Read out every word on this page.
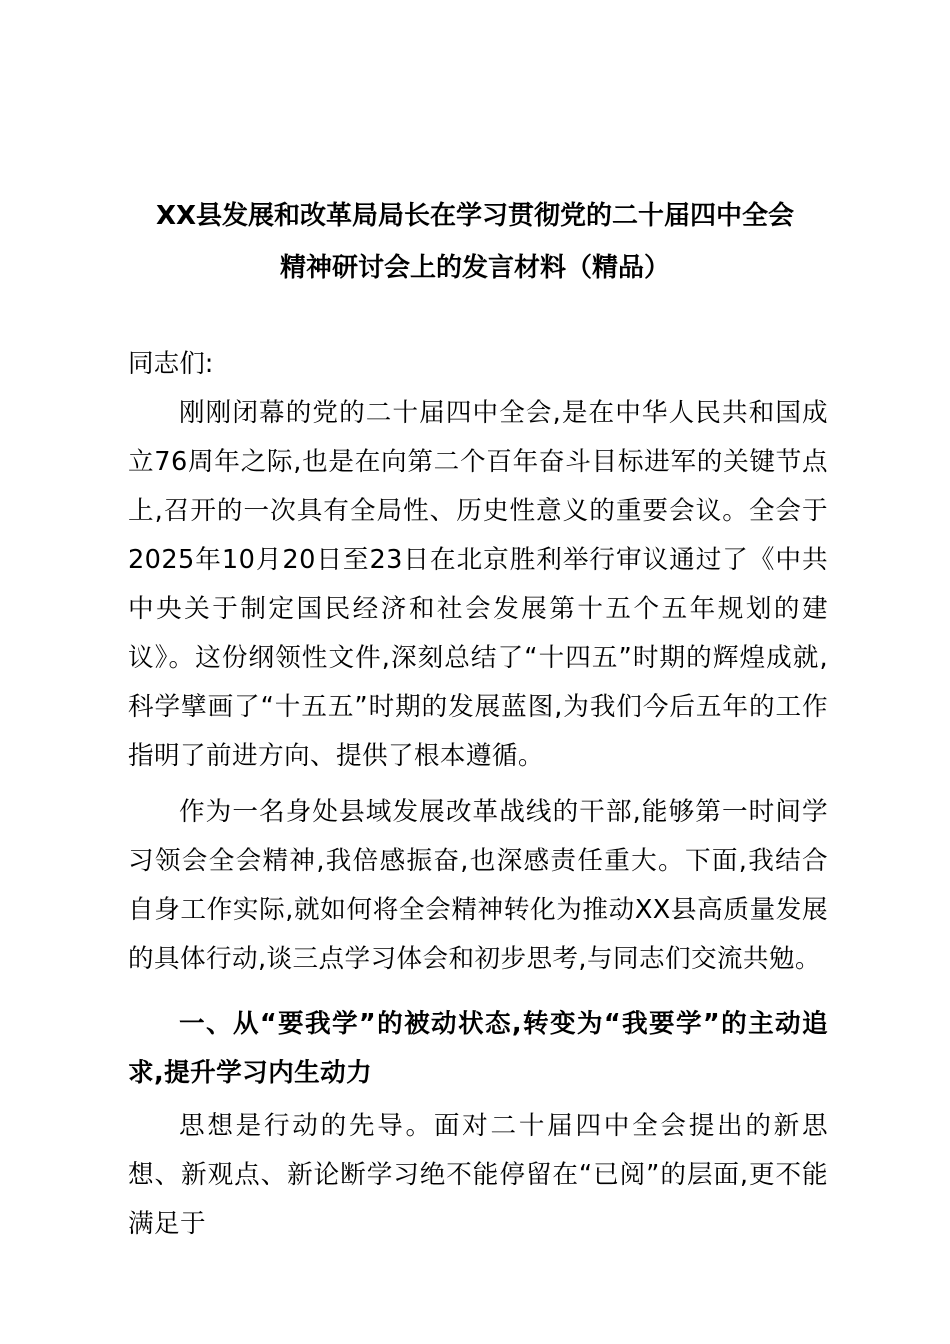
XX县发展和改革局局长在学习贯彻党的二十届四中全会
精神研讨会上的发言材料（精品）
同志们:
刚刚闭幕的党的二十届四中全会,是在中华人民共和国成立76周年之际,也是在向第二个百年奋斗目标进军的关键节点上,召开的一次具有全局性、历史性意义的重要会议。全会于2025年10月20日至23日在北京胜利举行审议通过了《中共中央关于制定国民经济和社会发展第十五个五年规划的建议》。这份纲领性文件,深刻总结了“十四五”时期的辉煌成就,科学擘画了“十五五”时期的发展蓝图,为我们今后五年的工作指明了前进方向、提供了根本遵循。
作为一名身处县域发展改革战线的干部,能够第一时间学习领会全会精神,我倍感振奋,也深感责任重大。下面,我结合自身工作实际,就如何将全会精神转化为推动XX县高质量发展的具体行动,谈三点学习体会和初步思考,与同志们交流共勉。
一、从“要我学”的被动状态,转变为“我要学”的主动追求,提升学习内生动力
思想是行动的先导。面对二十届四中全会提出的新思想、新观点、新论断学习绝不能停留在“已阅”的层面,更不能满足于
